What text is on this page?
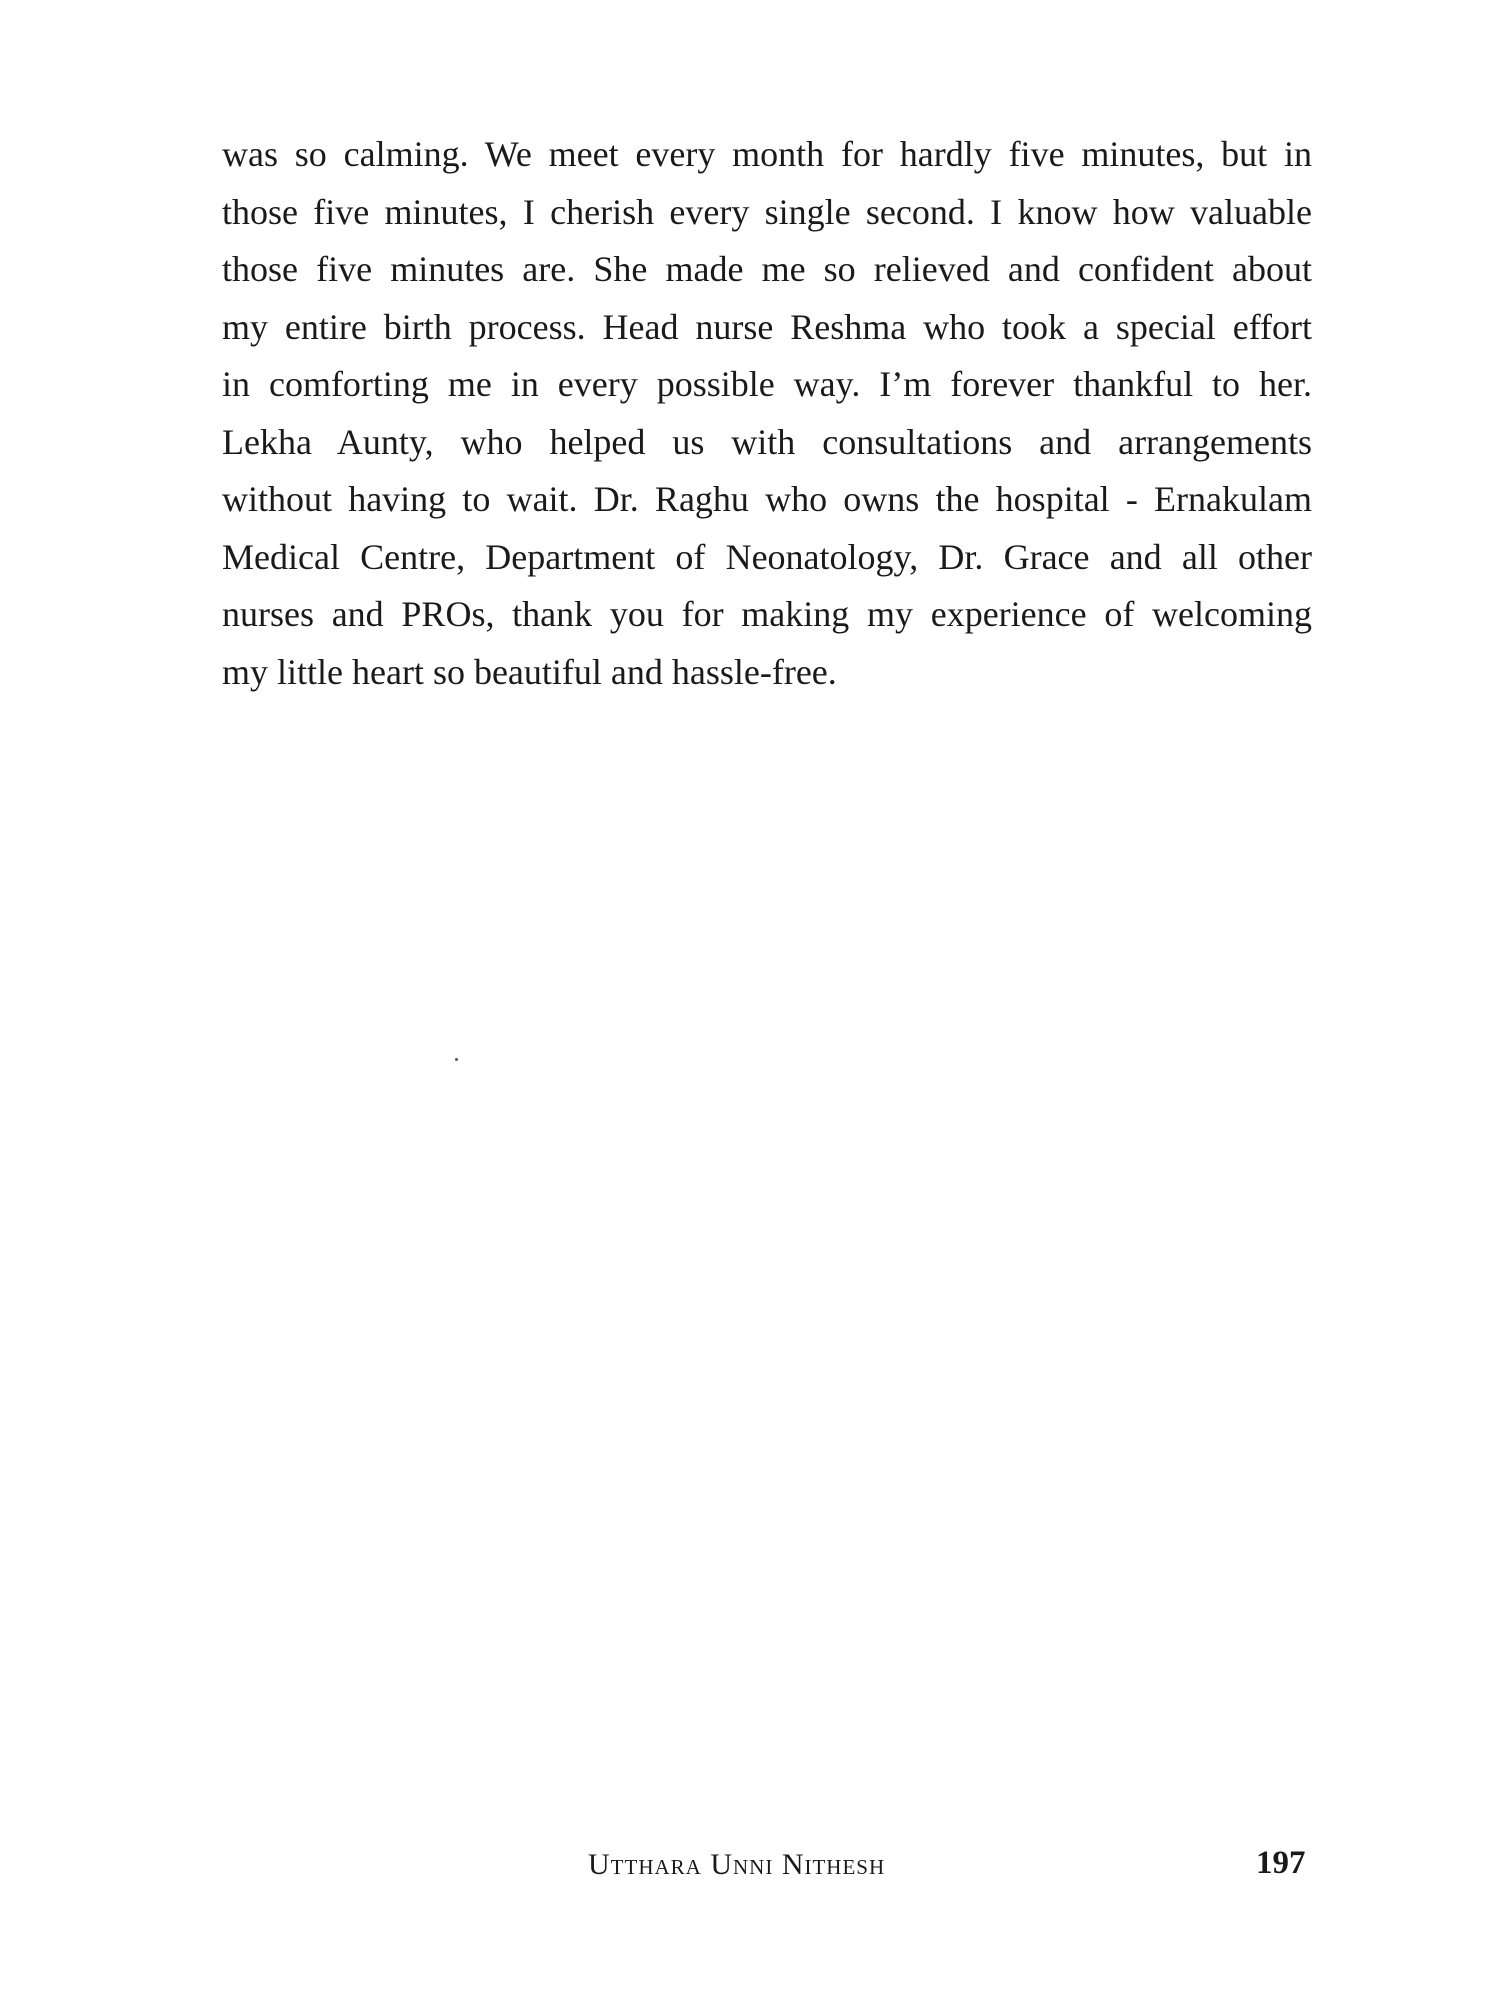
was so calming. We meet every month for hardly five minutes, but in
those five minutes, I cherish every single second. I know how valuable
those five minutes are. She made me so relieved and confident about
my entire birth process. Head nurse Reshma who took a special effort
in comforting me in every possible way. I’m forever thankful to her.
Lekha Aunty, who helped us with consultations and arrangements
without having to wait. Dr. Raghu who owns the hospital - Ernakulam
Medical Centre, Department of Neonatology, Dr. Grace and all other
nurses and PROs, thank you for making my experience of welcoming
my little heart so beautiful and hassle-free.
Utthara Unni Nithesh	197
